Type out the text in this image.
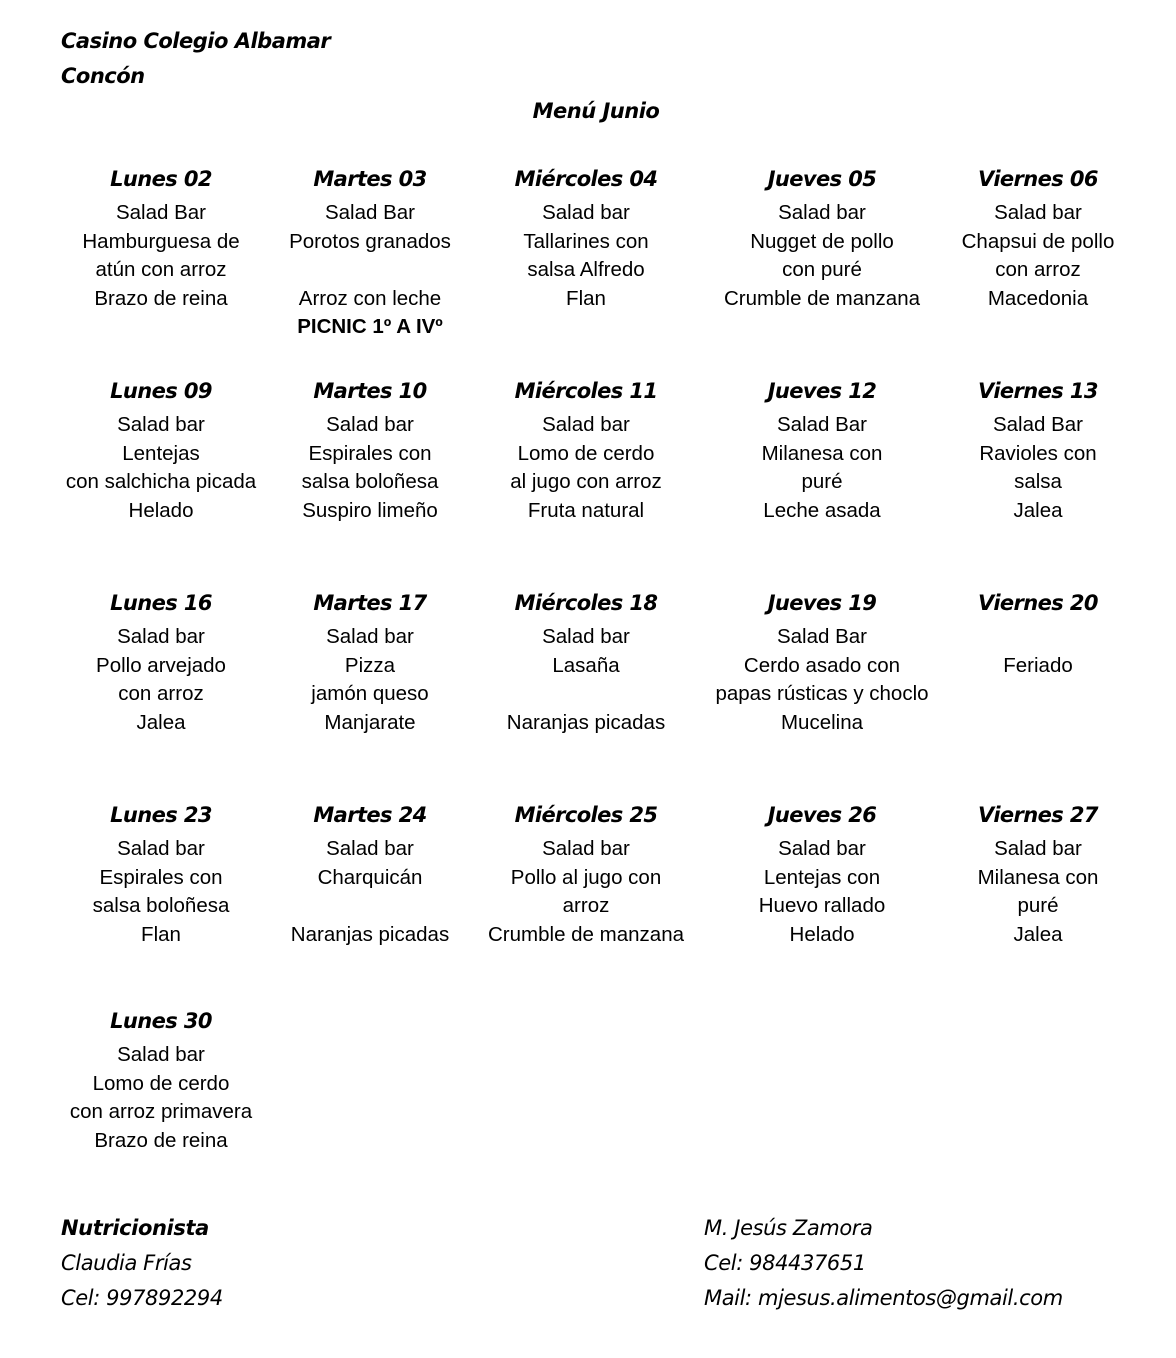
Casino Colegio Albamar
Concón
Menú Junio
Lunes 02
Salad Bar
Hamburguesa de
atún con arroz
Brazo de reina
Martes 03
Salad Bar
Porotos granados
Arroz con leche
PICNIC 1º A IVº
Miércoles 04
Salad bar
Tallarines con
salsa Alfredo
Flan
Jueves 05
Salad bar
Nugget de pollo
con puré
Crumble de manzana
Viernes 06
Salad bar
Chapsui de pollo
con arroz
Macedonia
Lunes 09
Salad bar
Lentejas
con salchicha picada
Helado
Martes 10
Salad bar
Espirales con
salsa boloñesa
Suspiro limeño
Miércoles 11
Salad bar
Lomo de cerdo
al jugo con arroz
Fruta natural
Jueves 12
Salad Bar
Milanesa con
puré
Leche asada
Viernes 13
Salad Bar
Ravioles con
salsa
Jalea
Lunes 16
Salad bar
Pollo arvejado
con arroz
Jalea
Martes 17
Salad bar
Pizza
jamón queso
Manjarate
Miércoles 18
Salad bar
Lasaña
Naranjas picadas
Jueves 19
Salad Bar
Cerdo asado con
papas rústicas y choclo
Mucelina
Viernes 20
Feriado
Lunes 23
Salad bar
Espirales con
salsa boloñesa
Flan
Martes 24
Salad bar
Charquicán
Naranjas picadas
Miércoles 25
Salad bar
Pollo al jugo con
arroz
Crumble de manzana
Jueves 26
Salad bar
Lentejas con
Huevo rallado
Helado
Viernes 27
Salad bar
Milanesa con
puré
Jalea
Lunes 30
Salad bar
Lomo de cerdo
con arroz primavera
Brazo de reina
Nutricionista
Claudia Frías
Cel: 997892294
M. Jesús Zamora
Cel: 984437651
Mail: mjesus.alimentos@gmail.com
